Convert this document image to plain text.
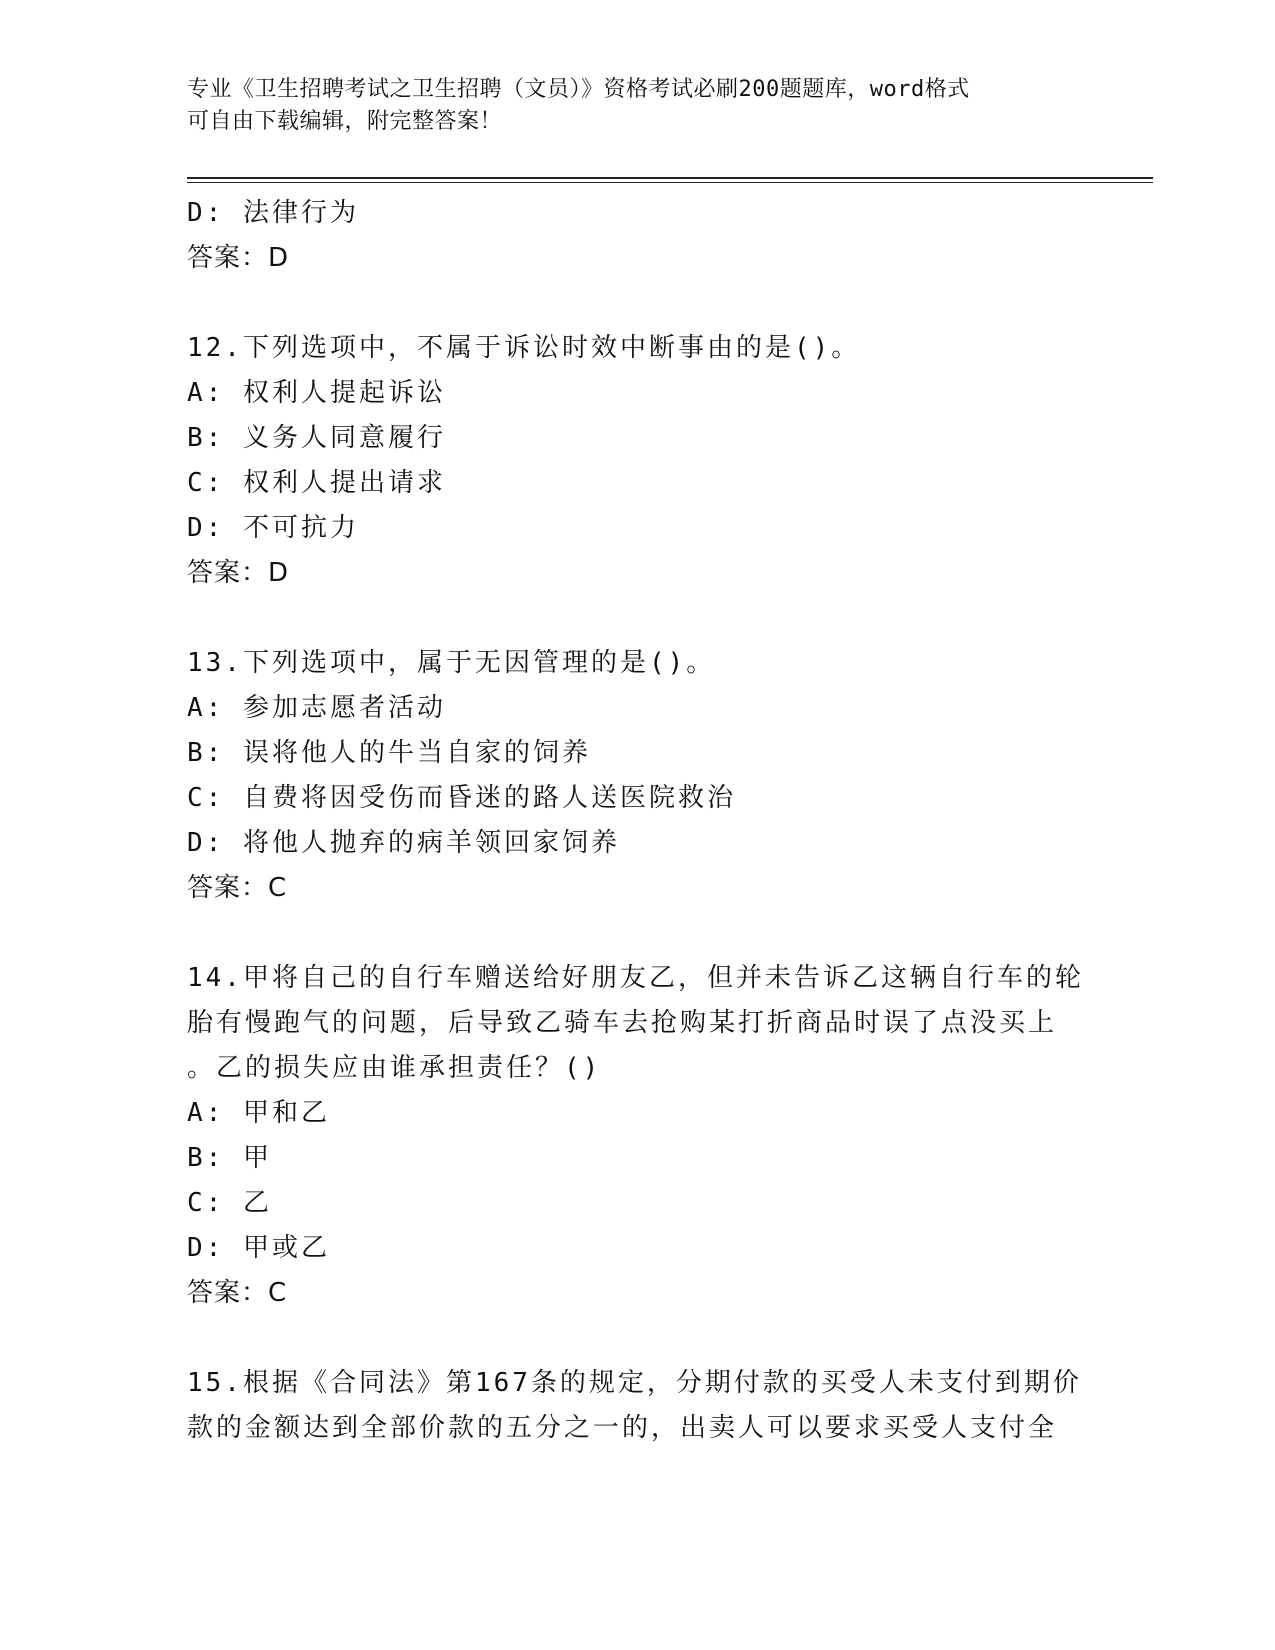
专业《卫生招聘考试之卫生招聘（文员）》资格考试必刷200题题库，word格式
可自由下载编辑，附完整答案！
D: 法律行为
答案：D
12.下列选项中，不属于诉讼时效中断事由的是()。
A: 权利人提起诉讼
B: 义务人同意履行
C: 权利人提出请求
D: 不可抗力
答案：D
13.下列选项中，属于无因管理的是()。
A: 参加志愿者活动
B: 误将他人的牛当自家的饲养
C: 自费将因受伤而昏迷的路人送医院救治
D: 将他人抛弃的病羊领回家饲养
答案：C
14.甲将自己的自行车赠送给好朋友乙，但并未告诉乙这辆自行车的轮
胎有慢跑气的问题，后导致乙骑车去抢购某打折商品时误了点没买上
。乙的损失应由谁承担责任？()
A: 甲和乙
B: 甲
C: 乙
D: 甲或乙
答案：C
15.根据《合同法》第167条的规定，分期付款的买受人未支付到期价
款的金额达到全部价款的五分之一的，出卖人可以要求买受人支付全
